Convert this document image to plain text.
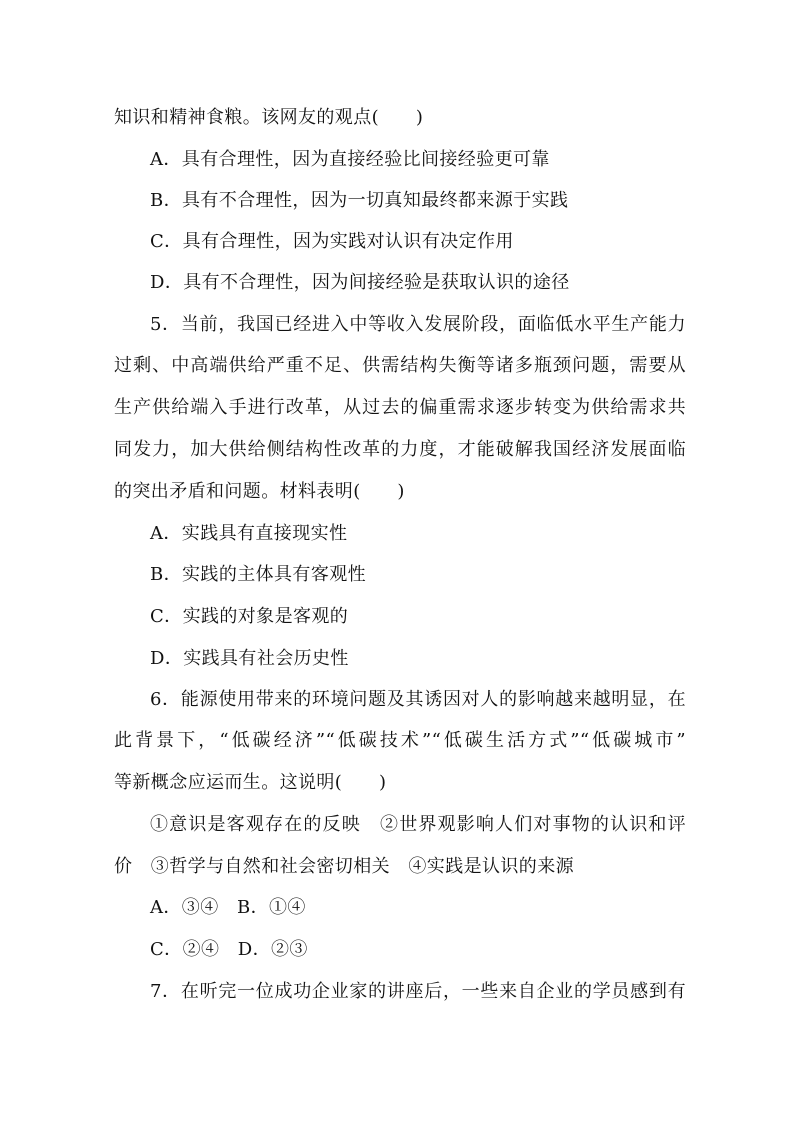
知识和精神食粮。该网友的观点(　　)
A．具有合理性，因为直接经验比间接经验更可靠
B．具有不合理性，因为一切真知最终都来源于实践
C．具有合理性，因为实践对认识有决定作用
D．具有不合理性，因为间接经验是获取认识的途径
5．当前，我国已经进入中等收入发展阶段，面临低水平生产能力
过剩、中高端供给严重不足、供需结构失衡等诸多瓶颈问题，需要从
生产供给端入手进行改革，从过去的偏重需求逐步转变为供给需求共
同发力，加大供给侧结构性改革的力度，才能破解我国经济发展面临
的突出矛盾和问题。材料表明(　　)
A．实践具有直接现实性
B．实践的主体具有客观性
C．实践的对象是客观的
D．实践具有社会历史性
6．能源使用带来的环境问题及其诱因对人的影响越来越明显，在
此背景下，“低碳经济”“低碳技术”“低碳生活方式”“低碳城市”
等新概念应运而生。这说明(　　)
①意识是客观存在的反映　②世界观影响人们对事物的认识和评
价　③哲学与自然和社会密切相关　④实践是认识的来源
A．③④　B．①④
C．②④　D．②③
7．在听完一位成功企业家的讲座后，一些来自企业的学员感到有
